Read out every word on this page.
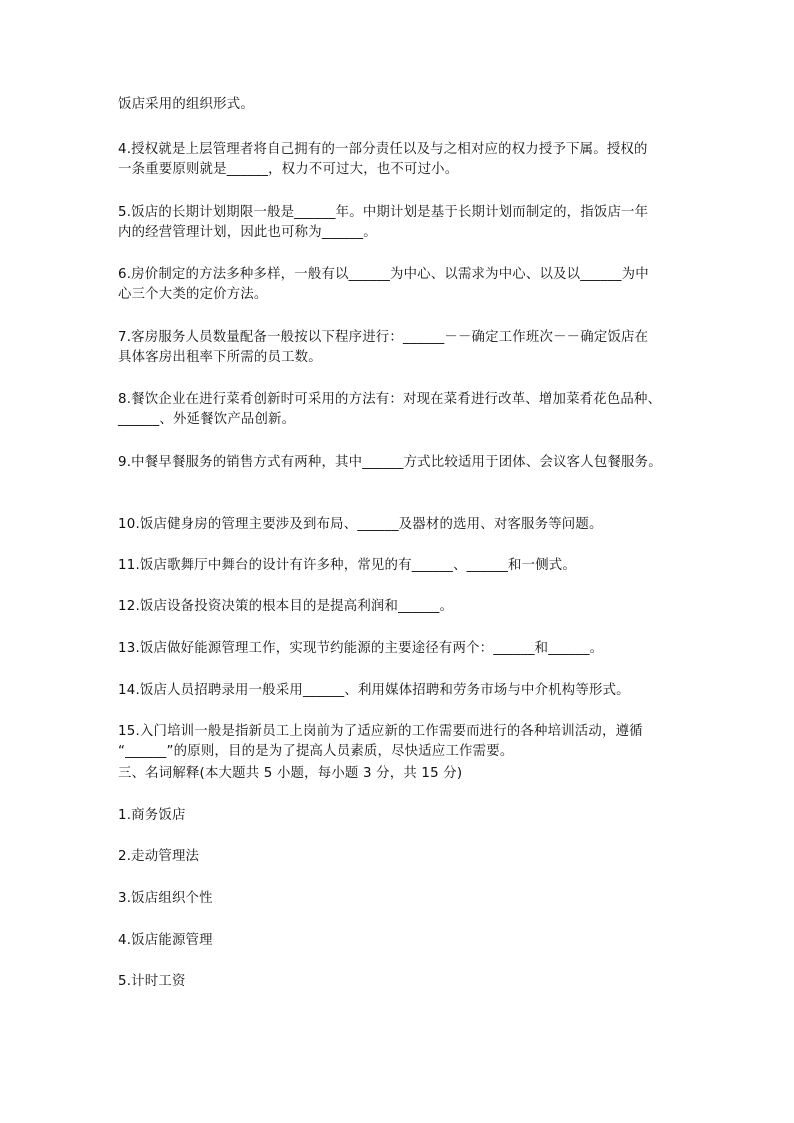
饭店采用的组织形式。
4.授权就是上层管理者将自己拥有的一部分责任以及与之相对应的权力授予下属。授权的
一条重要原则就是______，权力不可过大，也不可过小。
5.饭店的长期计划期限一般是______年。中期计划是基于长期计划而制定的，指饭店一年
内的经营管理计划，因此也可称为______。
6.房价制定的方法多种多样，一般有以______为中心、以需求为中心、以及以______为中
心三个大类的定价方法。
7.客房服务人员数量配备一般按以下程序进行：______－－确定工作班次－－确定饭店在
具体客房出租率下所需的员工数。
8.餐饮企业在进行菜肴创新时可采用的方法有：对现在菜肴进行改革、增加菜肴花色品种、
______、外延餐饮产品创新。
9.中餐早餐服务的销售方式有两种，其中______方式比较适用于团体、会议客人包餐服务。
10.饭店健身房的管理主要涉及到布局、______及器材的选用、对客服务等问题。
11.饭店歌舞厅中舞台的设计有许多种，常见的有______、______和一侧式。
12.饭店设备投资决策的根本目的是提高利润和______。
13.饭店做好能源管理工作，实现节约能源的主要途径有两个：______和______。
14.饭店人员招聘录用一般采用______、利用媒体招聘和劳务市场与中介机构等形式。
15.入门培训一般是指新员工上岗前为了适应新的工作需要而进行的各种培训活动，遵循
“______”的原则，目的是为了提高人员素质，尽快适应工作需要。
三、名词解释(本大题共 5 小题，每小题 3 分，共 15 分)
1.商务饭店
2.走动管理法
3.饭店组织个性
4.饭店能源管理
5.计时工资
